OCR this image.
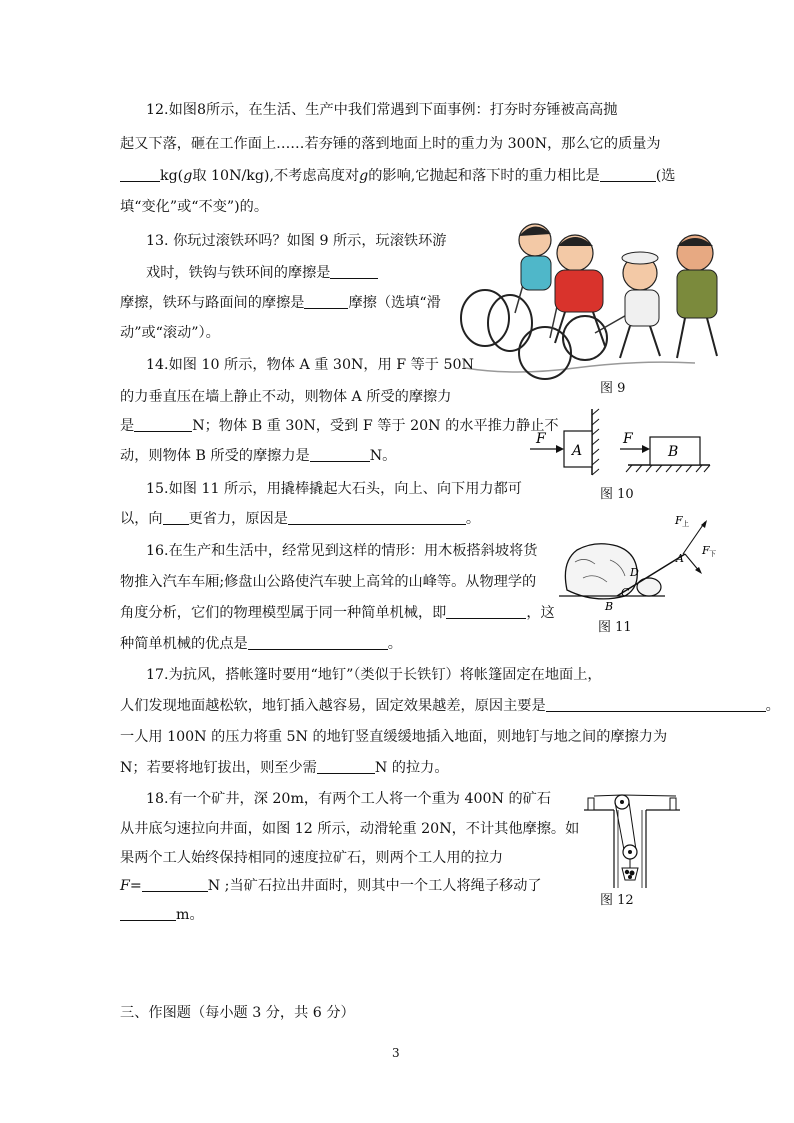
12.如图8所示，在生活、生产中我们常遇到下面事例：打夯时夯锤被高高抛
起又下落，砸在工作面上……若夯锤的落到地面上时的重力为 300N，那么它的质量为
kg(g取 10N/kg),不考虑高度对g的影响,它抛起和落下时的重力相比是	(选
填“变化”或“不变”)的。
13. 你玩过滚铁环吗？如图 9 所示，玩滚铁环游
戏时，铁钩与铁环间的摩擦是
摩擦，铁环与路面间的摩擦是	摩擦（选填“滑
动”或“滚动”）。
图 9
14.如图 10 所示，物体 A 重 30N，用 F 等于 50N
的力垂直压在墙上静止不动，则物体 A 所受的摩擦力
是	N；物体 B 重 30N，受到 F 等于 20N 的水平推力静止不
动，则物体 B 所受的摩擦力是	N。
F
A
F
B
图 10
15.如图 11 所示，用撬棒撬起大石头，向上、向下用力都可
以，向 更省力，原因是	。	F 上
F 下
A
D
C
B
图 11
16.在生产和生活中，经常见到这样的情形：用木板搭斜坡将货
物推入汽车车厢;修盘山公路使汽车驶上高耸的山峰等。从物理学的
角度分析，它们的物理模型属于同一种简单机械，即	，这
种简单机械的优点是	。
17.为抗风，搭帐篷时要用“地钉”（类似于长铁钉）将帐篷固定在地面上，
人们发现地面越松软，地钉插入越容易，固定效果越差，原因主要是	。
一人用 100N 的压力将重 5N 的地钉竖直缓缓地插入地面，则地钉与地之间的摩擦力为
N；若要将地钉拔出，则至少需	N 的拉力。
18.有一个矿井，深 20m，有两个工人将一个重为 400N 的矿石
从井底匀速拉向井面，如图 12 所示，动滑轮重 20N，不计其他摩擦。如
果两个工人始终保持相同的速度拉矿石，则两个工人用的拉力
F=	N ;当矿石拉出井面时，则其中一个工人将绳子移动了
m。
图 12
三、作图题（每小题 3 分，共 6 分）
3
